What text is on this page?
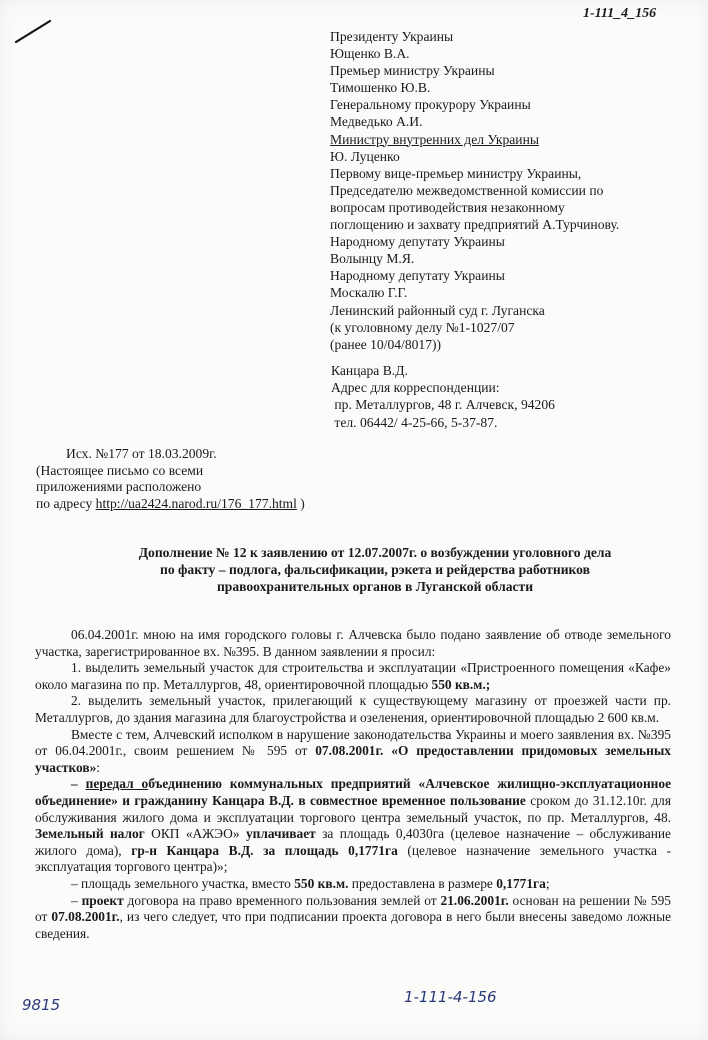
1-111_4_156
Президенту Украины
Ющенко В.А.
Премьер министру Украины
Тимошенко Ю.В.
Генеральному прокурору Украины
Медведько А.И.
Министру внутренних дел Украины
Ю. Луценко
Первому вице-премьер министру Украины,
Председателю межведомственной комиссии по
вопросам противодействия незаконному
поглощению и захвату предприятий А.Турчинову.
Народному депутату Украины
Волынцу М.Я.
Народному депутату Украины
Москалю Г.Г.
Ленинский районный суд г. Луганска
(к уголовному делу №1-1027/07
(ранее 10/04/8017))
Канцара В.Д.
Адрес для корреспонденции:
пр. Металлургов, 48 г. Алчевск, 94206
тел. 06442/ 4-25-66, 5-37-87.
Исх. №177 от 18.03.2009г.
(Настоящее письмо со всеми
приложениями расположено
по адресу http://ua2424.narod.ru/176_177.html )
Дополнение № 12 к заявлению от 12.07.2007г. о возбуждении уголовного дела
по факту – подлога, фальсификации, рэкета и рейдерства работников
правоохранительных органов в Луганской области

06.04.2001г. мною на имя городского головы г. Алчевска было подано заявление об отводе земельного участка, зарегистрированное вх. №395. В данном заявлении я просил:

1. выделить земельный участок для строительства и эксплуатации «Пристроенного помещения «Кафе» около магазина по пр. Металлургов, 48, ориентировочной площадью 550 кв.м.;

2. выделить земельный участок, прилегающий к существующему магазину от проезжей части пр. Металлургов, до здания магазина для благоустройства и озеленения, ориентировочной площадью 2 600 кв.м.

Вместе с тем, Алчевский исполком в нарушение законодательства Украины и моего заявления вх. №395 от 06.04.2001г., своим решением № 595 от 07.08.2001г. «О предоставлении придомовых земельных участков»:

– передал объединению коммунальных предприятий «Алчевское жилищно-эксплуатационное объединение» и гражданину Канцара В.Д. в совместное временное пользование сроком до 31.12.10г. для обслуживания жилого дома и эксплуатации торгового центра земельный участок, по пр. Металлургов, 48. Земельный налог ОКП «АЖЭО» уплачивает за площадь 0,4030га (целевое назначение – обслуживание жилого дома), гр-н Канцара В.Д. за площадь 0,1771га (целевое назначение земельного участка - эксплуатация торгового центра)»;

– площадь земельного участка, вместо 550 кв.м. предоставлена в размере 0,1771га;

– проект договора на право временного пользования землей от 21.06.2001г. основан на решении № 595 от 07.08.2001г., из чего следует, что при подписании проекта договора в него были внесены заведомо ложные сведения.

9815	1-111-4-156
